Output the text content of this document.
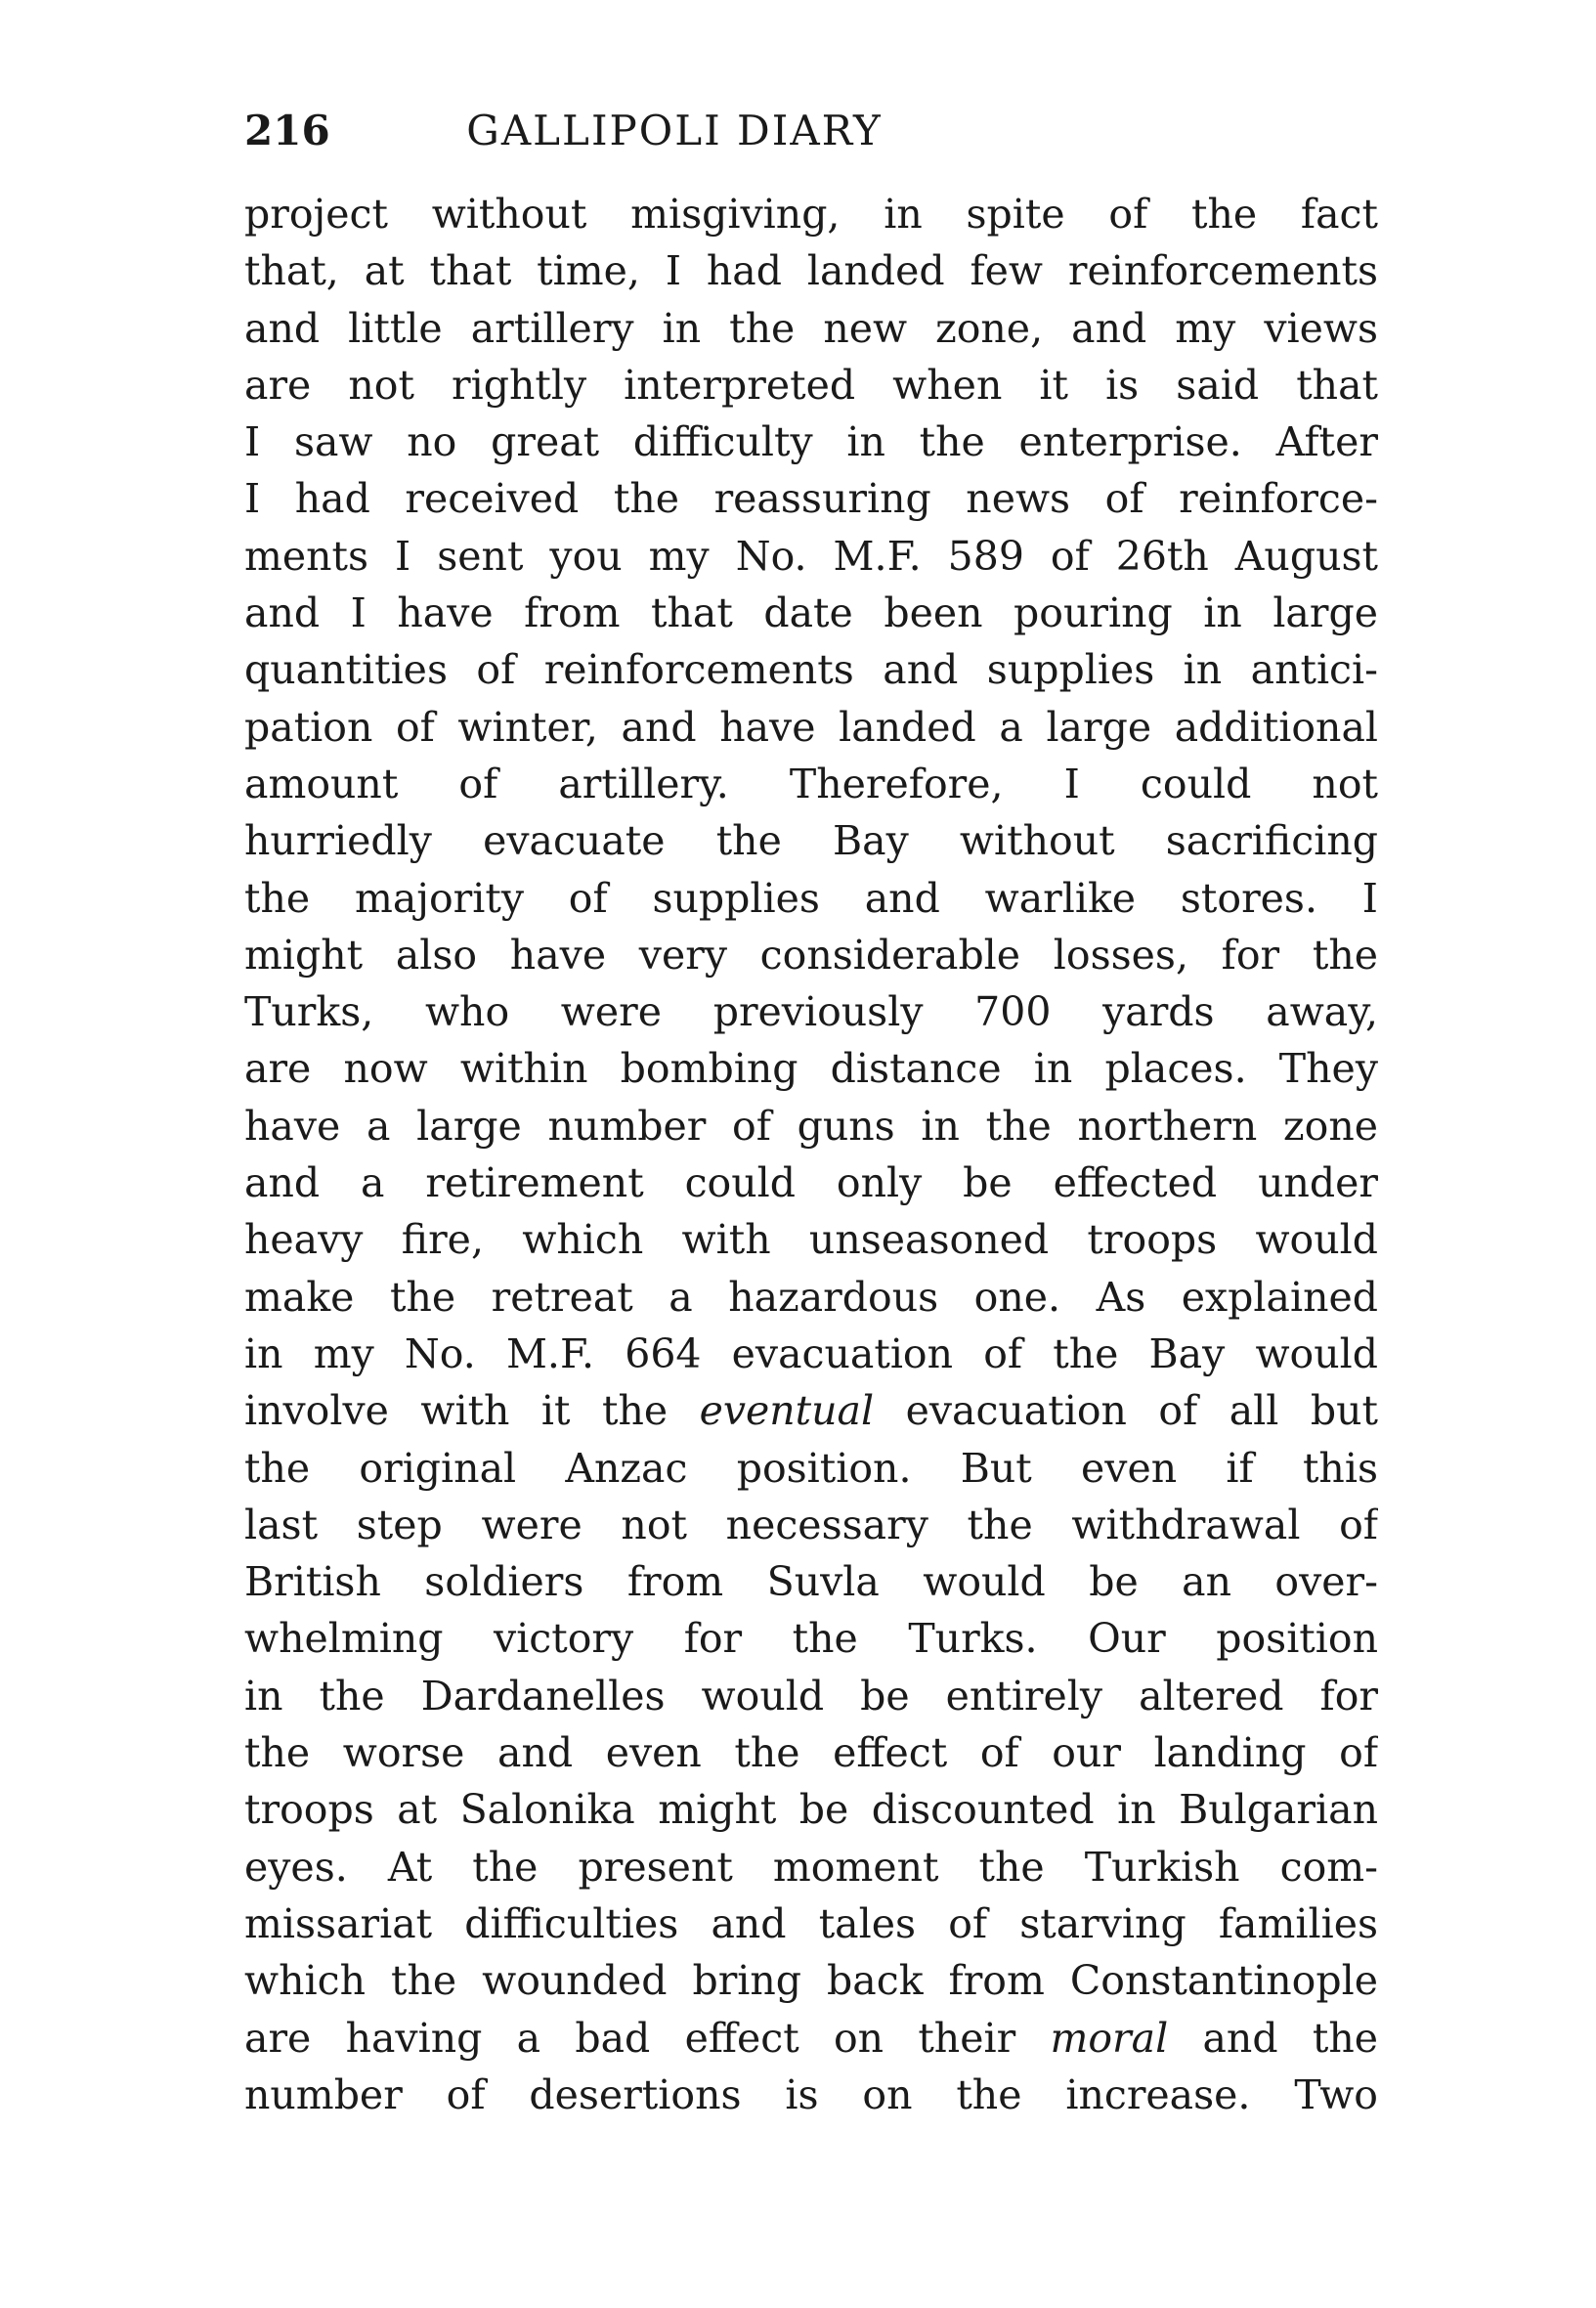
216	GALLIPOLI DIARY
project without misgiving, in spite of the fact
that, at that time, I had landed few reinforcements
and little artillery in the new zone, and my views
are not rightly interpreted when it is said that
I saw no great difficulty in the enterprise. After
I had received the reassuring news of reinforce-
ments I sent you my No. M.F. 589 of 26th August
and I have from that date been pouring in large
quantities of reinforcements and supplies in antici-
pation of winter, and have landed a large additional
amount of artillery. Therefore, I could not
hurriedly evacuate the Bay without sacrificing
the majority of supplies and warlike stores. I
might also have very considerable losses, for the
Turks, who were previously 700 yards away,
are now within bombing distance in places. They
have a large number of guns in the northern zone
and a retirement could only be effected under
heavy fire, which with unseasoned troops would
make the retreat a hazardous one. As explained
in my No. M.F. 664 evacuation of the Bay would
involve with it the eventual evacuation of all but
the original Anzac position. But even if this
last step were not necessary the withdrawal of
British soldiers from Suvla would be an over-
whelming victory for the Turks. Our position
in the Dardanelles would be entirely altered for
the worse and even the effect of our landing of
troops at Salonika might be discounted in Bulgarian
eyes. At the present moment the Turkish com-
missariat difficulties and tales of starving families
which the wounded bring back from Constantinople
are having a bad effect on their moral and the
number of desertions is on the increase. Two
